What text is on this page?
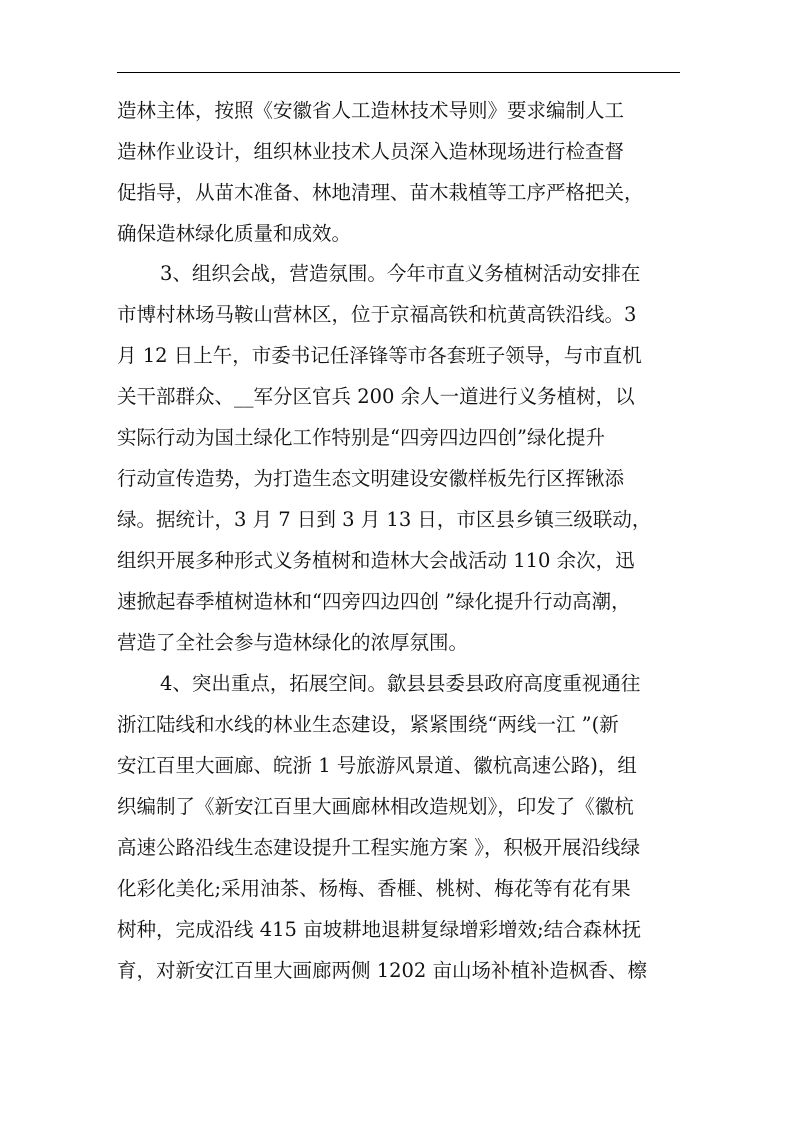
造林主体，按照《安徽省人工造林技术导则》要求编制人工
造林作业设计，组织林业技术人员深入造林现场进行检查督
促指导，从苗木准备、林地清理、苗木栽植等工序严格把关，
确保造林绿化质量和成效。
3、组织会战，营造氛围。今年市直义务植树活动安排在
市博村林场马鞍山营林区，位于京福高铁和杭黄高铁沿线。3
月 12 日上午，市委书记任泽锋等市各套班子领导，与市直机
关干部群众、__军分区官兵 200 余人一道进行义务植树，以
实际行动为国土绿化工作特别是“四旁四边四创”绿化提升
行动宣传造势，为打造生态文明建设安徽样板先行区挥锹添
绿。据统计，3 月 7 日到 3 月 13 日，市区县乡镇三级联动，
组织开展多种形式义务植树和造林大会战活动 110 余次，迅
速掀起春季植树造林和“四旁四边四创 ”绿化提升行动高潮，
营造了全社会参与造林绿化的浓厚氛围。
4、突出重点，拓展空间。歙县县委县政府高度重视通往
浙江陆线和水线的林业生态建设，紧紧围绕“两线一江 ”(新
安江百里大画廊、皖浙 1 号旅游风景道、徽杭高速公路)，组
织编制了《新安江百里大画廊林相改造规划》，印发了《徽杭
高速公路沿线生态建设提升工程实施方案 》，积极开展沿线绿
化彩化美化;采用油茶、杨梅、香榧、桃树、梅花等有花有果
树种，完成沿线 415 亩坡耕地退耕复绿增彩增效;结合森林抚
育，对新安江百里大画廊两侧 1202 亩山场补植补造枫香、檫
